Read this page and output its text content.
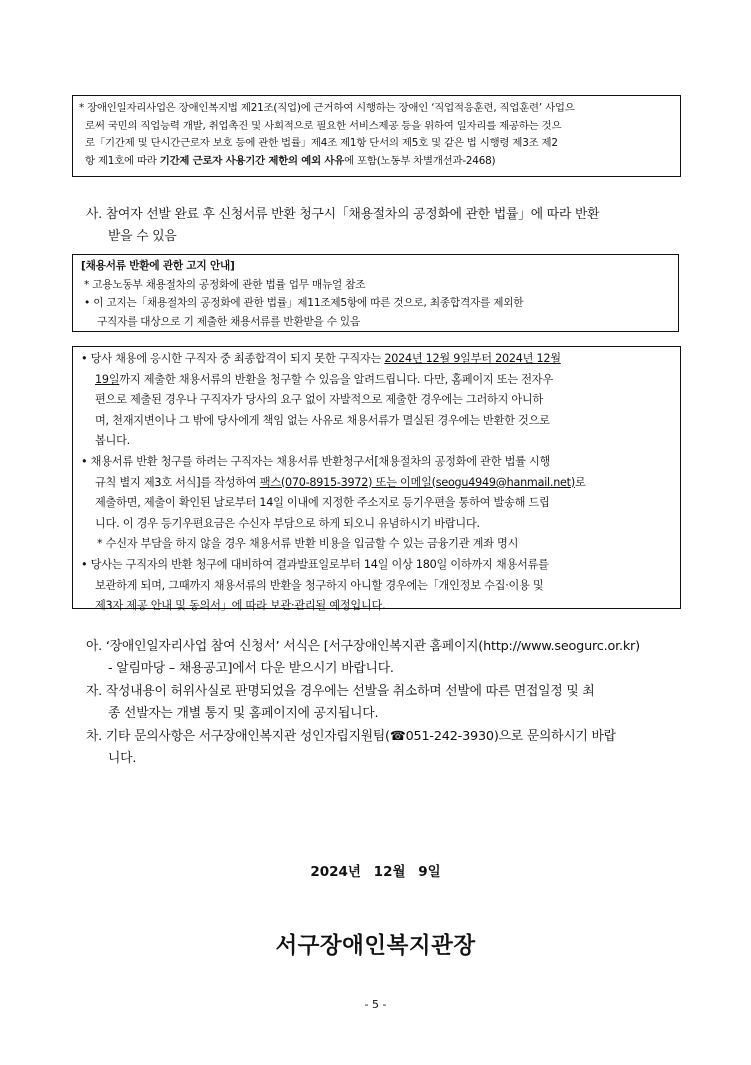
* 장애인일자리사업은 장애인복지법 제21조(직업)에 근거하여 시행하는 장애인 ‘직업적응훈련, 직업훈련’ 사업으

로써 국민의 직업능력 개발, 취업촉진 및 사회적으로 필요한 서비스제공 등을 위하여 일자리를 제공하는 것으

로「기간제 및 단시간근로자 보호 등에 관한 법률」제4조 제1항 단서의 제5호 및 같은 법 시행령 제3조 제2

항 제1호에 따라 기간제 근로자 사용기간 제한의 예외 사유에 포함(노동부 차별개선과-2468)

사. 참여자 선발 완료 후 신청서류 반환 청구시「채용절차의 공정화에 관한 법률」에 따라 반환

받을 수 있음

[채용서류 반환에 관한 고지 안내]

* 고용노동부 채용절차의 공정화에 관한 법률 업무 매뉴얼 참조

• 이 고지는「채용절차의 공정화에 관한 법률」제11조제5항에 따른 것으로, 최종합격자를 제외한

구직자를 대상으로 기 제출한 채용서류를 반환받을 수 있음

• 당사 채용에 응시한 구직자 중 최종합격이 되지 못한 구직자는 2024년 12월 9일부터 2024년 12월

19일까지 제출한 채용서류의 반환을 청구할 수 있음을 알려드립니다. 다만, 홈페이지 또는 전자우

편으로 제출된 경우나 구직자가 당사의 요구 없이 자발적으로 제출한 경우에는 그러하지 아니하

며, 천재지변이나 그 밖에 당사에게 책임 없는 사유로 채용서류가 멸실된 경우에는 반환한 것으로

봅니다.

• 채용서류 반환 청구를 하려는 구직자는 채용서류 반환청구서[채용절차의 공정화에 관한 법률 시행

규칙 별지 제3호 서식]를 작성하여 팩스(070-8915-3972) 또는 이메일(seogu4949@hanmail.net)로

제출하면, 제출이 확인된 날로부터 14일 이내에 지정한 주소지로 등기우편을 통하여 발송해 드립

니다. 이 경우 등기우편요금은 수신자 부담으로 하게 되오니 유념하시기 바랍니다.

* 수신자 부담을 하지 않을 경우 채용서류 반환 비용을 입금할 수 있는 금융기관 계좌 명시

• 당사는 구직자의 반환 청구에 대비하여 결과발표일로부터 14일 이상 180일 이하까지 채용서류를

보관하게 되며, 그때까지 채용서류의 반환을 청구하지 아니할 경우에는「개인정보 수집·이용 및

제3자 제공 안내 및 동의서」에 따라 보관·관리될 예정입니다.

아. ‘장애인일자리사업 참여 신청서’ 서식은 [서구장애인복지관 홈페이지(http://www.seogurc.or.kr)

- 알림마당 – 채용공고]에서 다운 받으시기 바랍니다.

자. 작성내용이 허위사실로 판명되었을 경우에는 선발을 취소하며 선발에 따른 면접일정 및 최

종 선발자는 개별 통지 및 홈페이지에 공지됩니다.

차. 기타 문의사항은 서구장애인복지관 성인자립지원팀(☎051-242-3930)으로 문의하시기 바랍

니다.

2024년 12월 9일

서구장애인복지관장

- 5 -
